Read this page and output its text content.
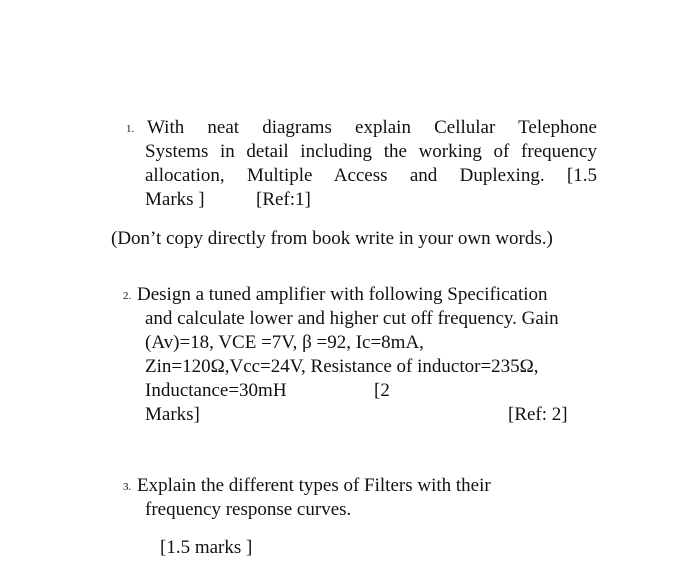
1. With neat diagrams explain Cellular Telephone
Systems in detail including the working of frequency
allocation, Multiple Access and Duplexing. [1.5
Marks ]	[Ref:1]
(Don’t copy directly from book write in your own words.)
2. Design a tuned amplifier with following Specification
and calculate lower and higher cut off frequency. Gain
(Av)=18, VCE =7V, β =92, Ic=8mA,
Zin=120Ω,Vcc=24V, Resistance of inductor=235Ω,
Inductance=30mH	[2
Marks]	[Ref: 2]
3. Explain the different types of Filters with their
frequency response curves.
[1.5 marks ]
